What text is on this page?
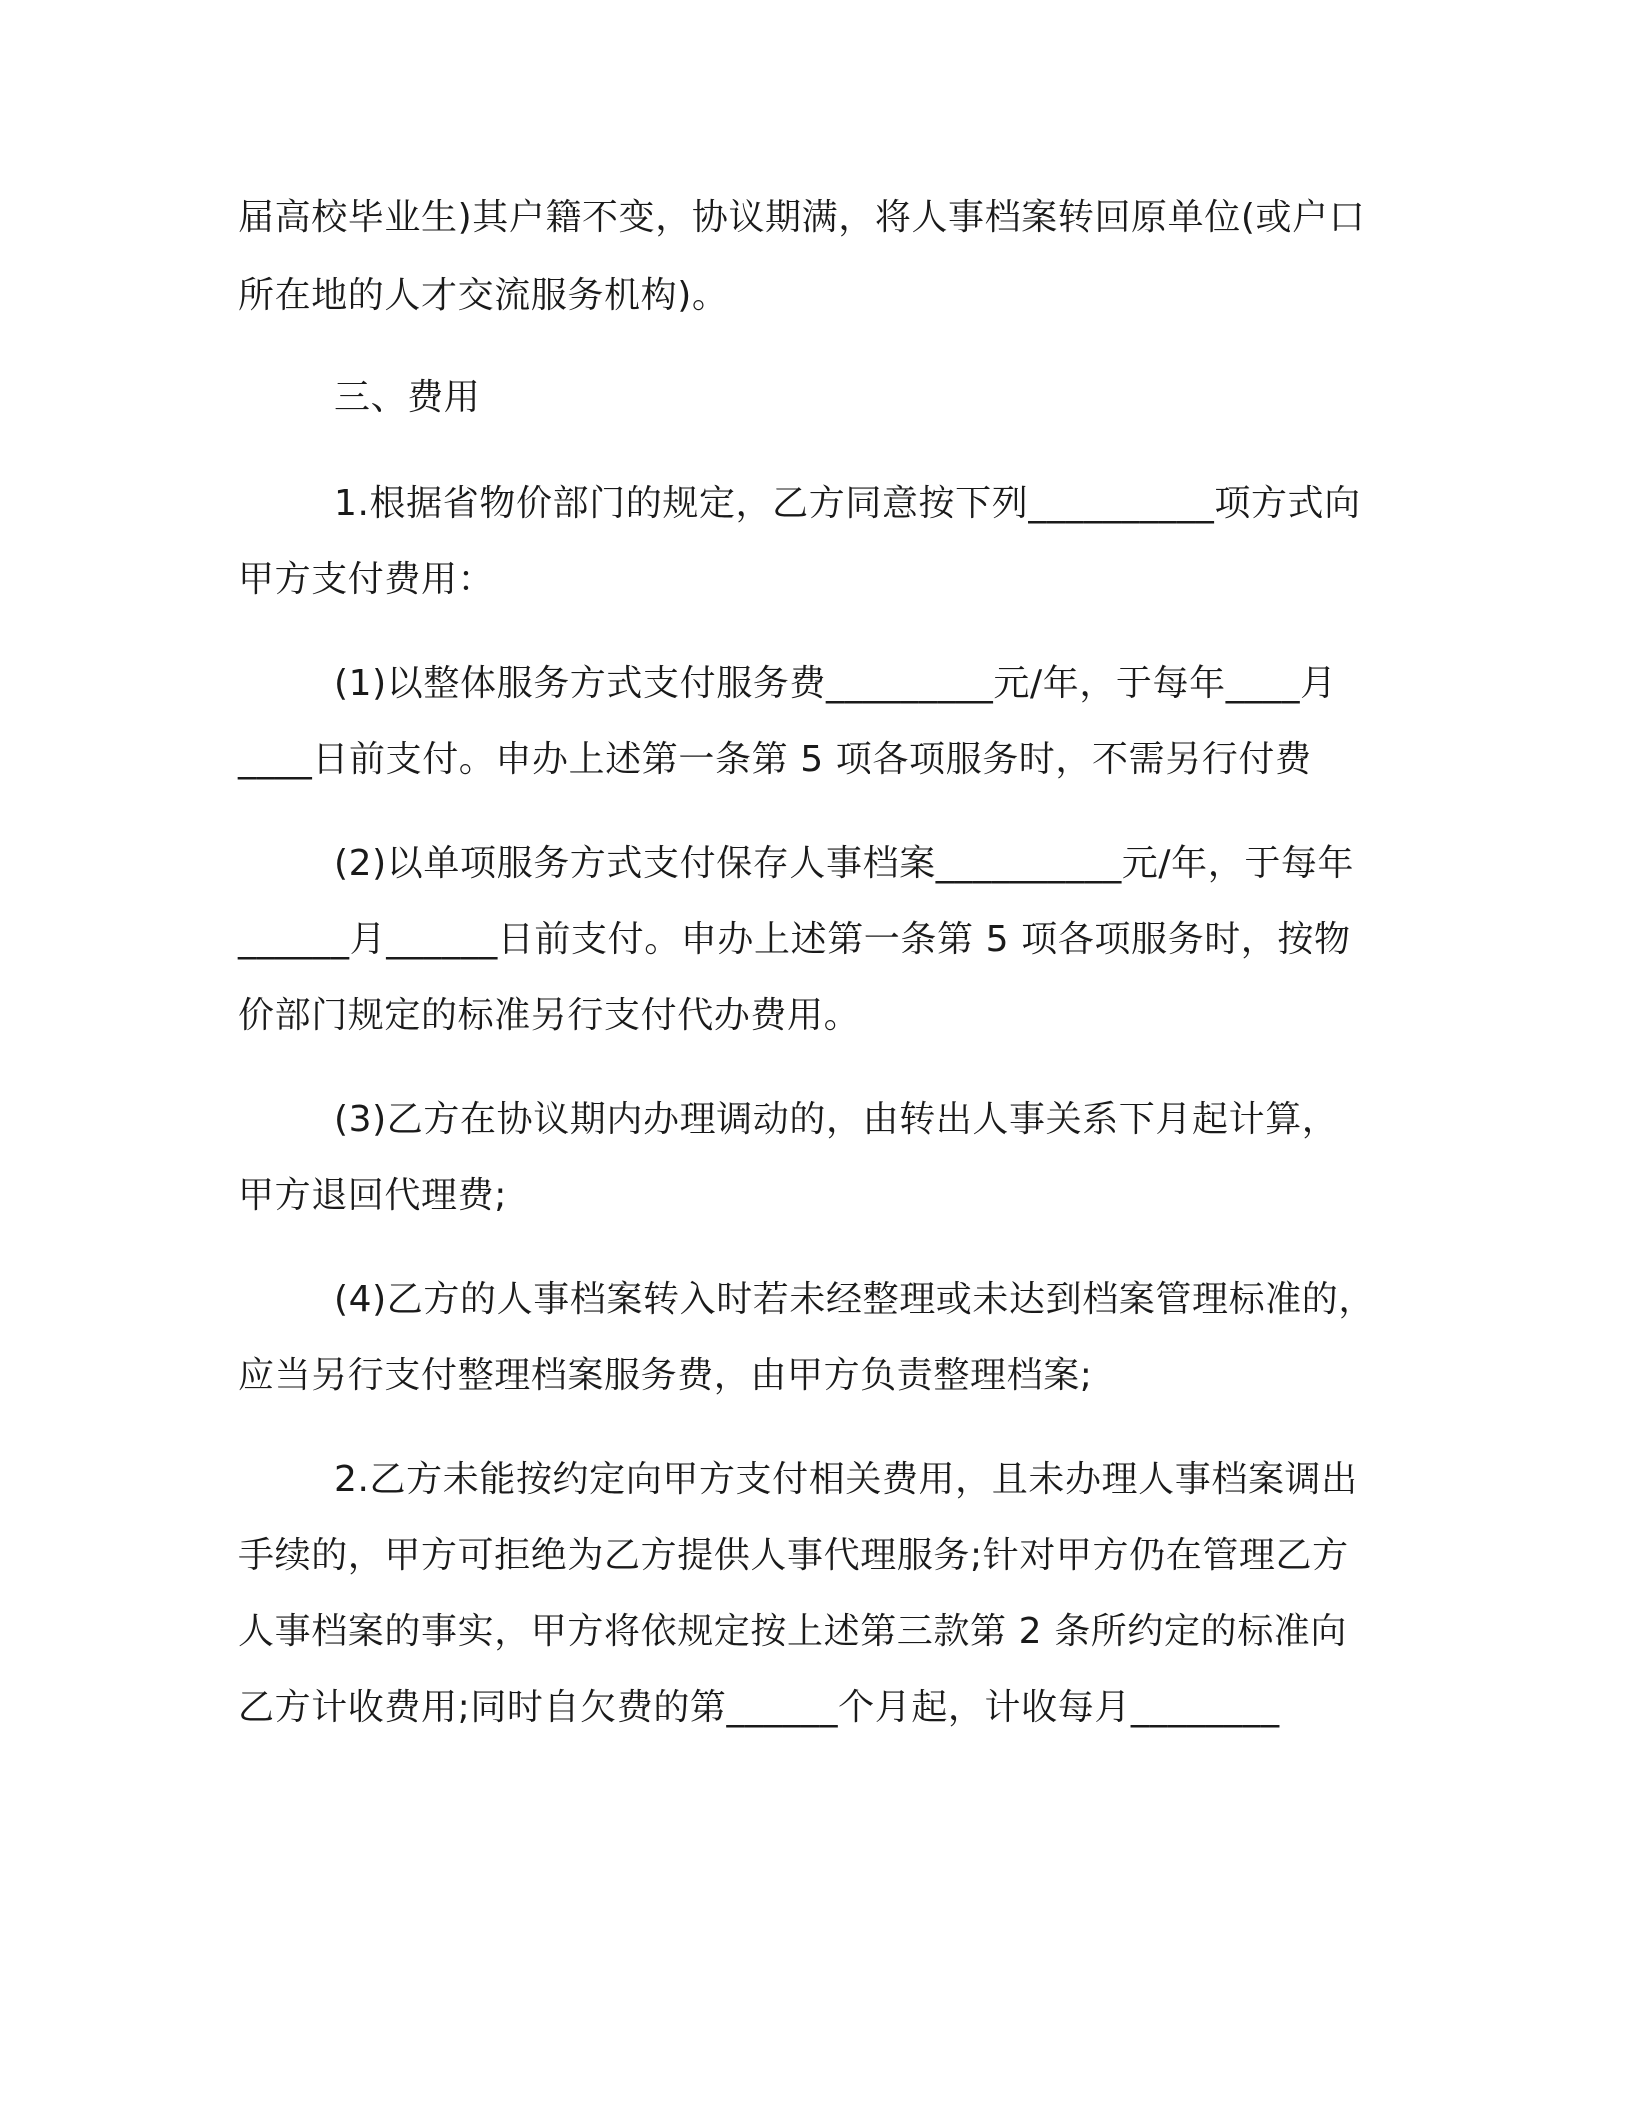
届高校毕业生)其户籍不变，协议期满，将人事档案转回原单位(或户口
所在地的人才交流服务机构)。
三、费用
1.根据省物价部门的规定，乙方同意按下列__________项方式向
甲方支付费用：
(1)以整体服务方式支付服务费_________元/年，于每年____月
____日前支付。申办上述第一条第 5 项各项服务时，不需另行付费
(2)以单项服务方式支付保存人事档案__________元/年，于每年
______月______日前支付。申办上述第一条第 5 项各项服务时，按物
价部门规定的标准另行支付代办费用。
(3)乙方在协议期内办理调动的，由转出人事关系下月起计算，
甲方退回代理费;
(4)乙方的人事档案转入时若未经整理或未达到档案管理标准的，
应当另行支付整理档案服务费，由甲方负责整理档案;
2.乙方未能按约定向甲方支付相关费用，且未办理人事档案调出
手续的，甲方可拒绝为乙方提供人事代理服务;针对甲方仍在管理乙方
人事档案的事实，甲方将依规定按上述第三款第 2 条所约定的标准向
乙方计收费用;同时自欠费的第______个月起，计收每月________
